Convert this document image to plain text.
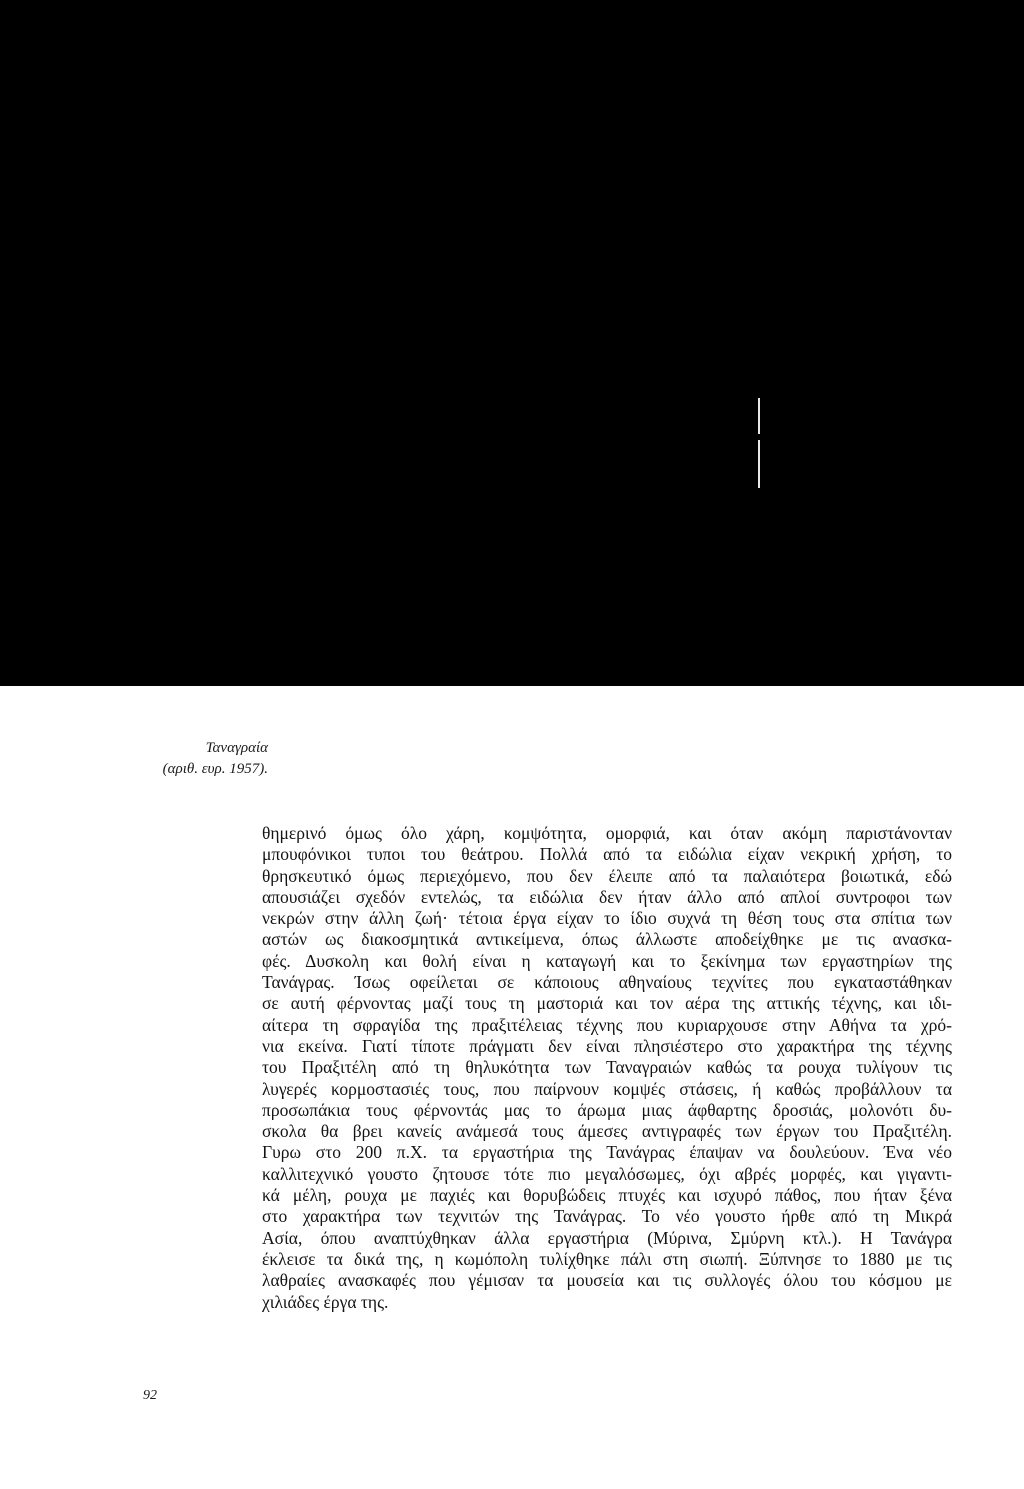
Ταναγραία
(αριθ. ευρ. 1957).
θημερινό όμως όλο χάρη, κομψότητα, ομορφιά, και όταν ακόμη παριστάνονταν
μπουφόνικοι τυποι του θεάτρου. Πολλά από τα ειδώλια είχαν νεκρική χρήση, το
θρησκευτικό όμως περιεχόμενο, που δεν έλειπε από τα παλαιότερα βοιωτικά, εδώ
απουσιάζει σχεδόν εντελώς, τα ειδώλια δεν ήταν άλλο από απλοί συντροφοι των
νεκρών στην άλλη ζωή· τέτοια έργα είχαν το ίδιο συχνά τη θέση τους στα σπίτια των
αστών ως διακοσμητικά αντικείμενα, όπως άλλωστε αποδείχθηκε με τις ανασκα-
φές. Δυσκολη και θολή είναι η καταγωγή και το ξεκίνημα των εργαστηρίων της
Τανάγρας. Ίσως οφείλεται σε κάποιους αθηναίους τεχνίτες που εγκαταστάθηκαν
σε αυτή φέρνοντας μαζί τους τη μαστοριά και τον αέρα της αττικής τέχνης, και ιδι-
αίτερα τη σφραγίδα της πραξιτέλειας τέχνης που κυριαρχουσε στην Αθήνα τα χρό-
νια εκείνα. Γιατί τίποτε πράγματι δεν είναι πλησιέστερο στο χαρακτήρα της τέχνης
του Πραξιτέλη από τη θηλυκότητα των Ταναγραιών καθώς τα ρουχα τυλίγουν τις
λυγερές κορμοστασιές τους, που παίρνουν κομψές στάσεις, ή καθώς προβάλλουν τα
προσωπάκια τους φέρνοντάς μας το άρωμα μιας άφθαρτης δροσιάς, μολονότι δυ-
σκολα θα βρει κανείς ανάμεσά τους άμεσες αντιγραφές των έργων του Πραξιτέλη.
Γυρω στο 200 π.Χ. τα εργαστήρια της Τανάγρας έπαψαν να δουλεύουν. Ένα νέο
καλλιτεχνικό γουστο ζητουσε τότε πιο μεγαλόσωμες, όχι αβρές μορφές, και γιγαντι-
κά μέλη, ρουχα με παχιές και θορυβώδεις πτυχές και ισχυρό πάθος, που ήταν ξένα
στο χαρακτήρα των τεχνιτών της Τανάγρας. Το νέο γουστο ήρθε από τη Μικρά
Ασία, όπου αναπτύχθηκαν άλλα εργαστήρια (Μύρινα, Σμύρνη κτλ.). Η Τανάγρα
έκλεισε τα δικά της, η κωμόπολη τυλίχθηκε πάλι στη σιωπή. Ξύπνησε το 1880 με τις
λαθραίες ανασκαφές που γέμισαν τα μουσεία και τις συλλογές όλου του κόσμου με
χιλιάδες έργα της.
92
